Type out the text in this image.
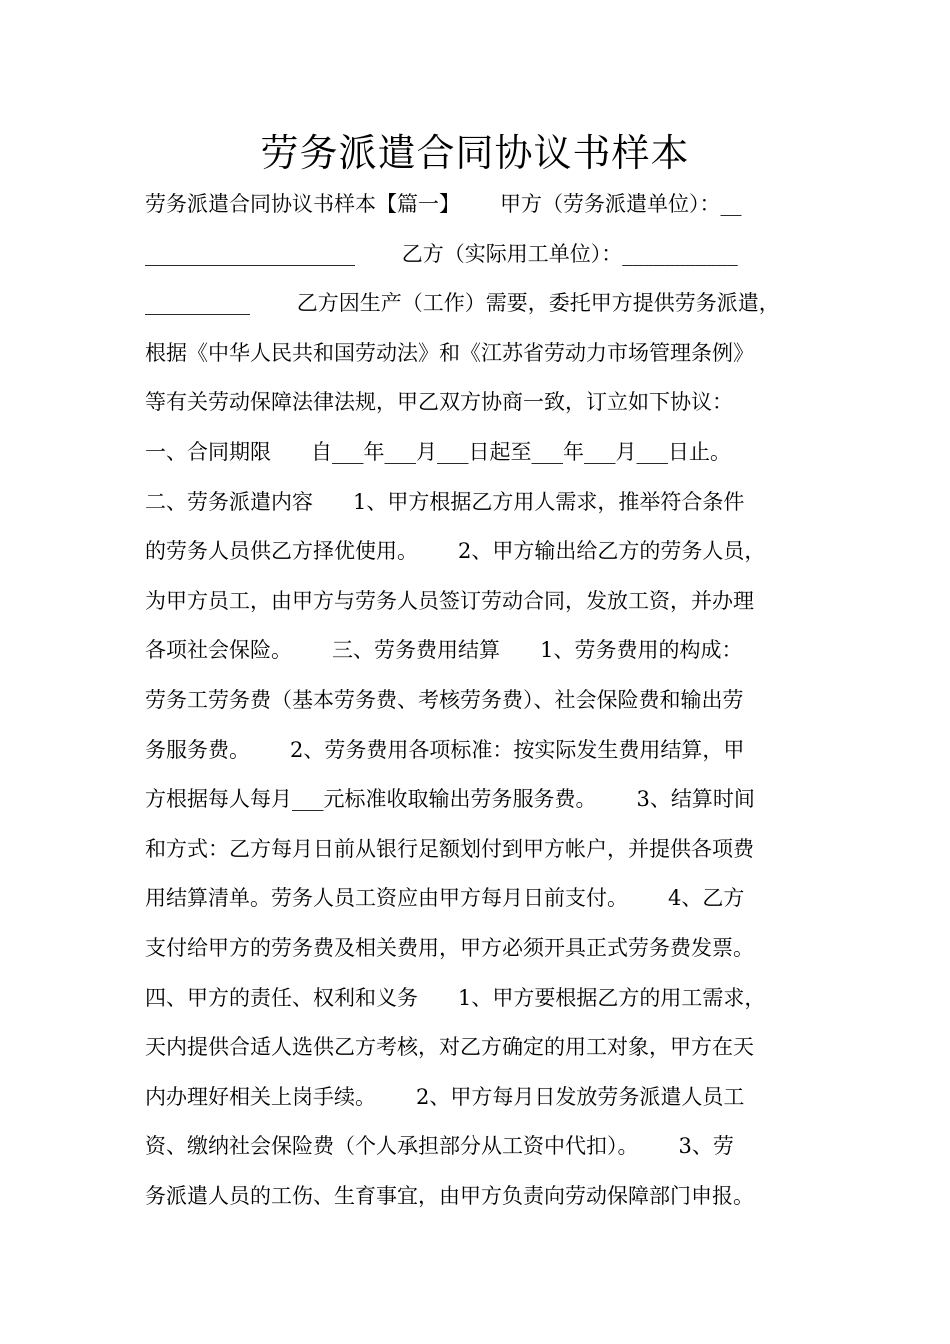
劳务派遣合同协议书样本
劳务派遣合同协议书样本【篇一】      甲方（劳务派遣单位）：__
____________________       乙方（实际用工单位）：___________
__________       乙方因生产（工作）需要，委托甲方提供劳务派遣，
根据《中华人民共和国劳动法》和《江苏省劳动力市场管理条例》
等有关劳动保障法律法规，甲乙双方协商一致，订立如下协议：
一、合同期限      自___年___月___日起至___年___月___日止。
二、劳务派遣内容      1、甲方根据乙方用人需求，推举符合条件
的劳务人员供乙方择优使用。      2、甲方输出给乙方的劳务人员，
为甲方员工，由甲方与劳务人员签订劳动合同，发放工资，并办理
各项社会保险。      三、劳务费用结算      1、劳务费用的构成：
劳务工劳务费（基本劳务费、考核劳务费）、社会保险费和输出劳
务服务费。      2、劳务费用各项标准：按实际发生费用结算，甲
方根据每人每月___元标准收取输出劳务服务费。      3、结算时间
和方式：乙方每月日前从银行足额划付到甲方帐户，并提供各项费
用结算清单。劳务人员工资应由甲方每月日前支付。      4、乙方
支付给甲方的劳务费及相关费用，甲方必须开具正式劳务费发票。
四、甲方的责任、权利和义务      1、甲方要根据乙方的用工需求，
天内提供合适人选供乙方考核，对乙方确定的用工对象，甲方在天
内办理好相关上岗手续。      2、甲方每月日发放劳务派遣人员工
资、缴纳社会保险费（个人承担部分从工资中代扣）。      3、劳
务派遣人员的工伤、生育事宜，由甲方负责向劳动保障部门申报。
